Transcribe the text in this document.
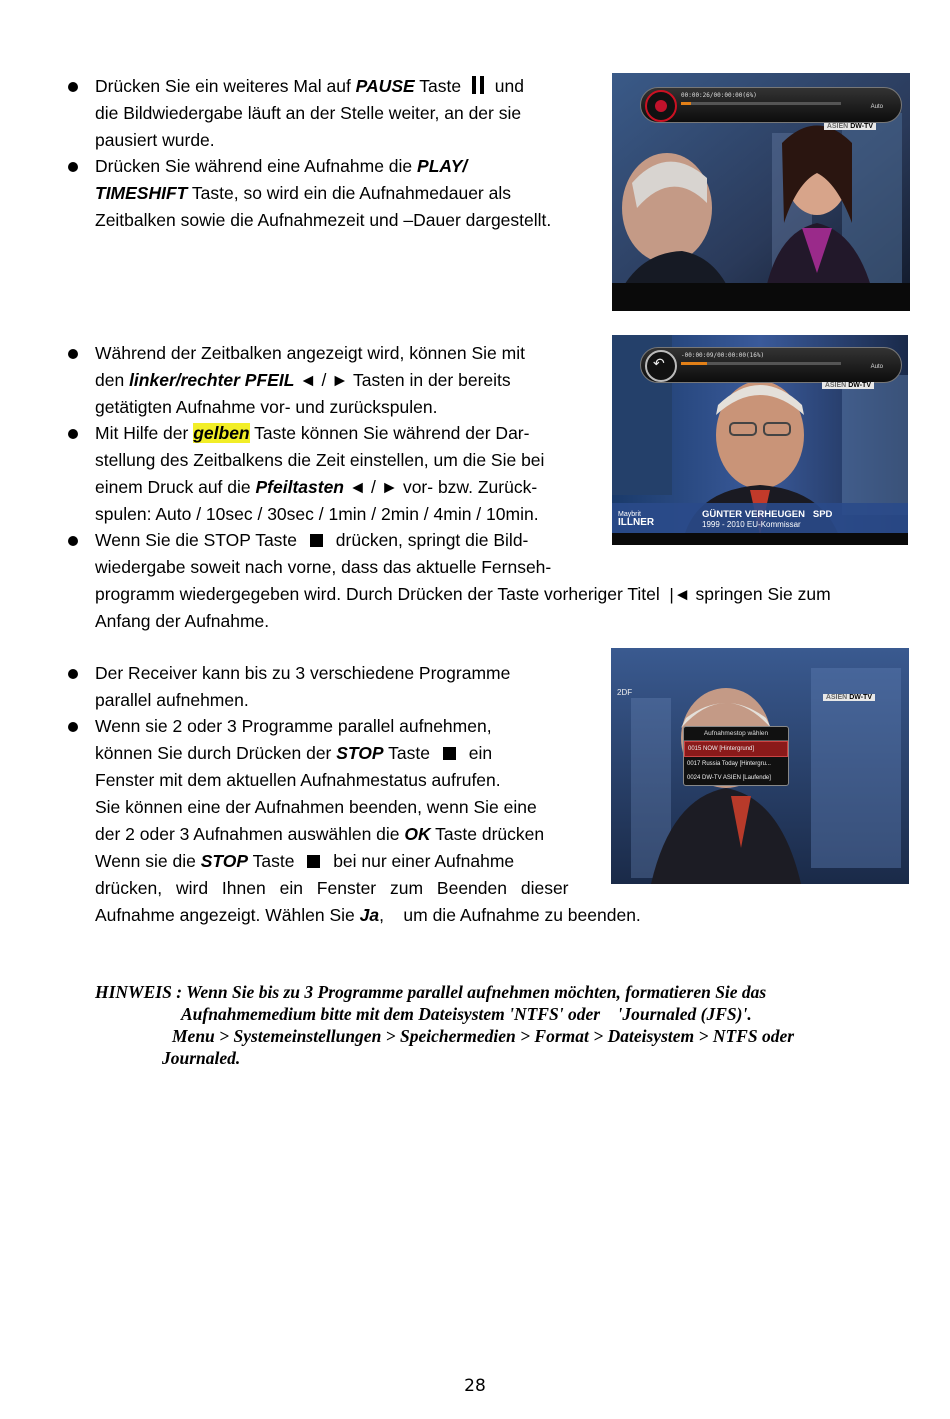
Drücken Sie ein weiteres Mal auf PAUSE Taste und
die Bildwiedergabe läuft an der Stelle weiter, an der sie
pausiert wurde.
Drücken Sie während eine Aufnahme die PLAY/
TIMESHIFT Taste, so wird ein die Aufnahmedauer als
Zeitbalken sowie die Aufnahmezeit und –Dauer dargestellt.
00:00:26/00:00:00(6%)
Auto
ASIEN DW-TV
Während der Zeitbalken angezeigt wird, können Sie mit
den linker/rechter PFEIL ◄ / ► Tasten in der bereits
getätigten Aufnahme vor- und zurückspulen.
Mit Hilfe der gelben Taste können Sie während der Dar-
stellung des Zeitbalkens die Zeit einstellen, um die Sie bei
einem Druck auf die Pfeiltasten ◄ / ► vor- bzw. Zurück-
spulen: Auto / 10sec / 30sec / 1min / 2min / 4min / 10min.
Wenn Sie die STOP Taste drücken, springt die Bild-
wiedergabe soweit nach vorne, dass das aktuelle Fernseh-
programm wiedergegeben wird. Durch Drücken der Taste vorheriger Titel  |◄ springen Sie zum
Anfang der Aufnahme.
↶	-00:00:09/00:00:00(16%)
Auto
ASIEN DW-TV
Maybrit
ILLNER
GÜNTER VERHEUGEN SPD
1999 - 2010 EU-Kommissar
Der Receiver kann bis zu 3 verschiedene Programme
parallel aufnehmen.
Wenn sie 2 oder 3 Programme parallel aufnehmen,
können Sie durch Drücken der STOP Taste ein
Fenster mit dem aktuellen Aufnahmestatus aufrufen.
Sie können eine der Aufnahmen beenden, wenn Sie eine
der 2 oder 3 Aufnahmen auswählen die OK Taste drücken
Wenn sie die STOP Taste bei nur einer Aufnahme
drücken, wird Ihnen ein Fenster zum Beenden dieser
Aufnahme angezeigt. Wählen Sie Ja,    um die Aufnahme zu beenden.
2DF
ASIEN DW-TV
Aufnahmestop wählen
0015 NOW [Hintergrund]
0017 Russia Today [Hintergru...
0024 DW-TV ASIEN [Laufende]
HINWEIS : Wenn Sie bis zu 3 Programme parallel aufnehmen möchten, formatieren Sie das
Aufnahmemedium bitte mit dem Dateisystem 'NTFS' oder    'Journaled (JFS)'.
Menu > Systemeinstellungen > Speichermedien > Format > Dateisystem > NTFS oder
Journaled.
28
